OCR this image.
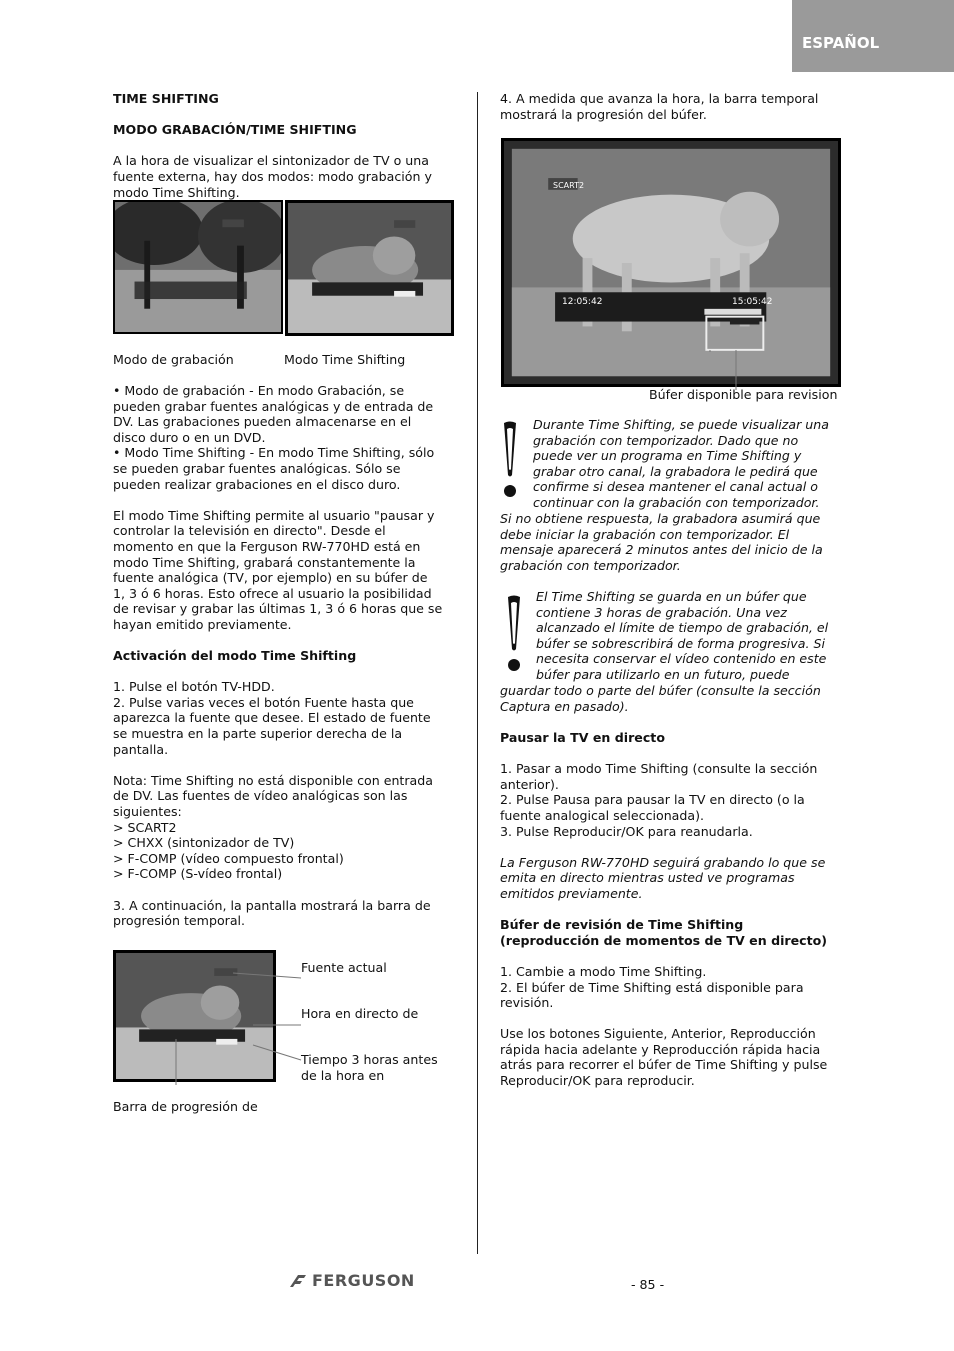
ESPAÑOL

TIME SHIFTING

MODO GRABACIÓN/TIME SHIFTING

A la hora de visualizar el sintonizador de TV o una
fuente externa, hay dos modos: modo grabación y
modo Time Shifting.

Modo de grabación	Modo Time Shifting

• Modo de grabación - En modo Grabación, se
pueden grabar fuentes analógicas y de entrada de
DV. Las grabaciones pueden almacenarse en el
disco duro o en un DVD.
• Modo Time Shifting - En modo Time Shifting, sólo
se pueden grabar fuentes analógicas. Sólo se
pueden realizar grabaciones en el disco duro.

El modo Time Shifting permite al usuario "pausar y
controlar la televisión en directo". Desde el
momento en que la Ferguson RW-770HD está en
modo Time Shifting, grabará constantemente la
fuente analógica (TV, por ejemplo) en su búfer de
1, 3 ó 6 horas. Esto ofrece al usuario la posibilidad
de revisar y grabar las últimas 1, 3 ó 6 horas que se
hayan emitido previamente.

Activación del modo Time Shifting

1. Pulse el botón TV-HDD.
2. Pulse varias veces el botón Fuente hasta que
aparezca la fuente que desee. El estado de fuente
se muestra en la parte superior derecha de la
pantalla.

Nota: Time Shifting no está disponible con entrada
de DV. Las fuentes de vídeo analógicas son las
siguientes:
> SCART2
> CHXX (sintonizador de TV)
> F-COMP (vídeo compuesto frontal)
> F-COMP (S-vídeo frontal)

3. A continuación, la pantalla mostrará la barra de
progresión temporal.

Fuente actual
Hora en directo de
Tiempo 3 horas antes
de la hora en
Barra de progresión de

4. A medida que avanza la hora, la barra temporal
mostrará la progresión del búfer.

12:05:42	15:05:42
SCART2
Búfer disponible para revision
Durante Time Shifting, se puede visualizar una
grabación con temporizador. Dado que no
puede ver un programa en Time Shifting y
grabar otro canal, la grabadora le pedirá que
confirme si desea mantener el canal actual o
continuar con la grabación con temporizador.
Si no obtiene respuesta, la grabadora asumirá que
debe iniciar la grabación con temporizador. El
mensaje aparecerá 2 minutos antes del inicio de la
grabación con temporizador.
El Time Shifting se guarda en un búfer que
contiene 3 horas de grabación. Una vez
alcanzado el límite de tiempo de grabación, el
búfer se sobrescribirá de forma progresiva. Si
necesita conservar el vídeo contenido en este
búfer para utilizarlo en un futuro, puede
guardar todo o parte del búfer (consulte la sección
Captura en pasado).

Pausar la TV en directo

1. Pasar a modo Time Shifting (consulte la sección
anterior).
2. Pulse Pausa para pausar la TV en directo (o la
fuente analogical seleccionada).
3. Pulse Reproducir/OK para reanudarla.

La Ferguson RW-770HD seguirá grabando lo que se
emita en directo mientras usted ve programas
emitidos previamente.

Búfer de revisión de Time Shifting
(reproducción de momentos de TV en directo)

1. Cambie a modo Time Shifting.
2. El búfer de Time Shifting está disponible para
revisión.

Use los botones Siguiente, Anterior, Reproducción
rápida hacia adelante y Reproducción rápida hacia
atrás para recorrer el búfer de Time Shifting y pulse
Reproducir/OK para reproducir.

FERGUSON	- 85 -
